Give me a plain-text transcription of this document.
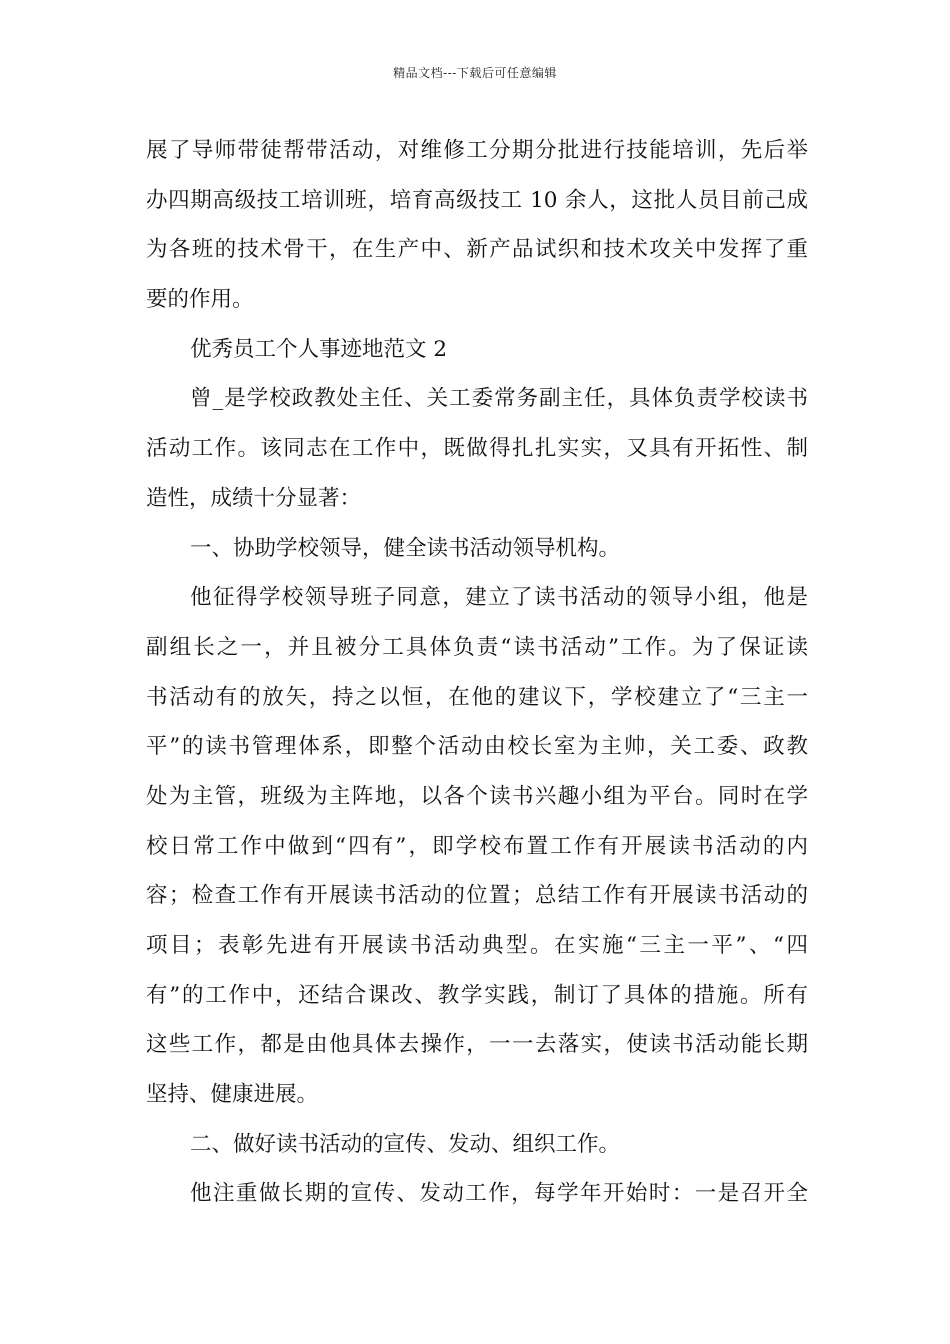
精品文档---下载后可任意编辑
展了导师带徒帮带活动，对维修工分期分批进行技能培训，先后举
办四期高级技工培训班，培育高级技工 10 余人，这批人员目前己成
为各班的技术骨干，在生产中、新产品试织和技术攻关中发挥了重
要的作用。
优秀员工个人事迹地范文 2
曾_是学校政教处主任、关工委常务副主任，具体负责学校读书
活动工作。该同志在工作中，既做得扎扎实实，又具有开拓性、制
造性，成绩十分显著：
一、协助学校领导，健全读书活动领导机构。
他征得学校领导班子同意，建立了读书活动的领导小组，他是
副组长之一，并且被分工具体负责“读书活动”工作。为了保证读
书活动有的放矢，持之以恒，在他的建议下，学校建立了“三主一
平”的读书管理体系，即整个活动由校长室为主帅，关工委、政教
处为主管，班级为主阵地，以各个读书兴趣小组为平台。同时在学
校日常工作中做到“四有”，即学校布置工作有开展读书活动的内
容；检查工作有开展读书活动的位置；总结工作有开展读书活动的
项目；表彰先进有开展读书活动典型。在实施“三主一平”、“四
有”的工作中，还结合课改、教学实践，制订了具体的措施。所有
这些工作，都是由他具体去操作，一一去落实，使读书活动能长期
坚持、健康进展。
二、做好读书活动的宣传、发动、组织工作。
他注重做长期的宣传、发动工作，每学年开始时：一是召开全
